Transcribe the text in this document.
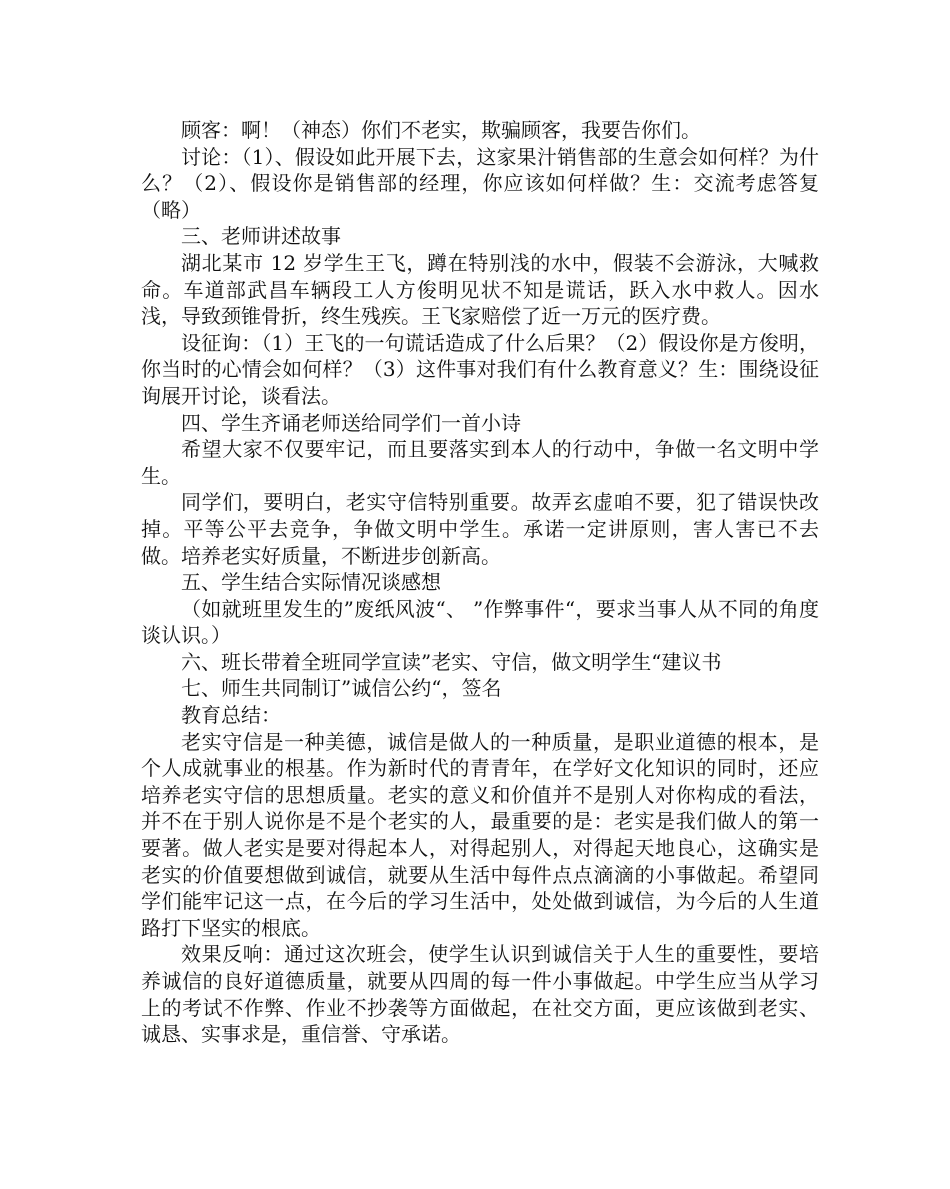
顾客：啊！（神态）你们不老实，欺骗顾客，我要告你们。

讨论：（1）、假设如此开展下去，这家果汁销售部的生意会如何样？为什么？（2）、假设你是销售部的经理，你应该如何样做？生：交流考虑答复（略）

三、老师讲述故事

湖北某市 12 岁学生王飞，蹲在特别浅的水中，假装不会游泳，大喊救命。车道部武昌车辆段工人方俊明见状不知是谎话，跃入水中救人。因水浅，导致颈锥骨折，终生残疾。王飞家赔偿了近一万元的医疗费。

设征询：（1）王飞的一句谎话造成了什么后果？（2）假设你是方俊明，你当时的心情会如何样？（3）这件事对我们有什么教育意义？生：围绕设征询展开讨论，谈看法。

四、学生齐诵老师送给同学们一首小诗

希望大家不仅要牢记，而且要落实到本人的行动中，争做一名文明中学生。

同学们，要明白，老实守信特别重要。故弄玄虚咱不要，犯了错误快改掉。平等公平去竞争，争做文明中学生。承诺一定讲原则，害人害已不去做。培养老实好质量，不断进步创新高。

五、学生结合实际情况谈感想

（如就班里发生的”废纸风波“、 ”作弊事件“，要求当事人从不同的角度谈认识。）

六、班长带着全班同学宣读”老实、守信，做文明学生“建议书

七、师生共同制订”诚信公约“，签名

教育总结：

老实守信是一种美德，诚信是做人的一种质量，是职业道德的根本，是个人成就事业的根基。作为新时代的青青年，在学好文化知识的同时，还应培养老实守信的思想质量。老实的意义和价值并不是别人对你构成的看法，并不在于别人说你是不是个老实的人，最重要的是：老实是我们做人的第一要著。做人老实是要对得起本人，对得起别人，对得起天地良心，这确实是老实的价值要想做到诚信，就要从生活中每件点点滴滴的小事做起。希望同学们能牢记这一点，在今后的学习生活中，处处做到诚信，为今后的人生道路打下坚实的根底。

效果反响：通过这次班会，使学生认识到诚信关于人生的重要性，要培养诚信的良好道德质量，就要从四周的每一件小事做起。中学生应当从学习上的考试不作弊、作业不抄袭等方面做起，在社交方面，更应该做到老实、诚恳、实事求是，重信誉、守承诺。
